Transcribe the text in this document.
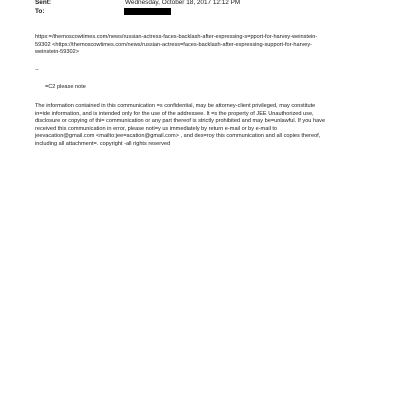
Sent:	Wednesday, October 18, 2017 12:12 PM
To:

https:=/themoscowtimes.com/news/russian-actress-faces-backlash-after-expressing-s=pport-for-harvey-weinstein-

59302 <https://themoscowtimes.com/news/russian-actress=faces-backlash-after-expressing-support-for-harvey-

weinstein-59302>

--

=C2 please note

The information contained in this communication =s confidential, may be attorney-client privileged, may constitute

in=ide information, and is intended only for the use of the addressee. It =s the property of JEE Unauthorized use,

disclosure or copying of thi= communication or any part thereof is strictly prohibited and may be=unlawful. If you have

received this communication in error, please noti=y us immediately by return e-mail or by e-mail to

jeevacation@gmail.com <mailto:jee=acation@gmail.com> , and des=roy this communication and all copies thereof,

including all attachment=. copyright -all rights reserved
